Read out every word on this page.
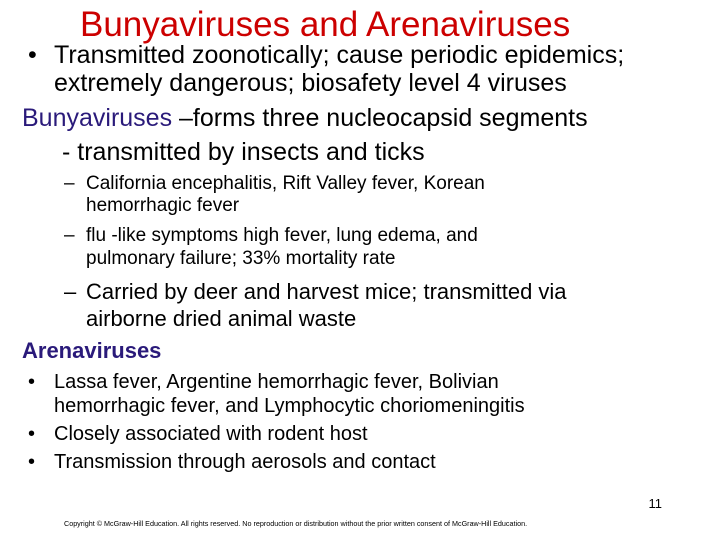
Bunyaviruses and Arenaviruses
• Transmitted zoonotically; cause periodic epidemics;
extremely dangerous; biosafety level 4 viruses
Bunyaviruses –forms three nucleocapsid segments
- transmitted by insects and ticks
– California encephalitis, Rift Valley fever, Korean
hemorrhagic fever
– flu -like symptoms high fever, lung edema, and
pulmonary failure; 33% mortality rate
– Carried by deer and harvest mice; transmitted via
airborne dried animal waste
Arenaviruses
• Lassa fever, Argentine hemorrhagic fever, Bolivian
hemorrhagic fever, and Lymphocytic choriomeningitis
• Closely associated with rodent host
• Transmission through aerosols and contact
11
Copyright © McGraw-Hill Education. All rights reserved. No reproduction or distribution without the prior written consent of McGraw-Hill Education.
